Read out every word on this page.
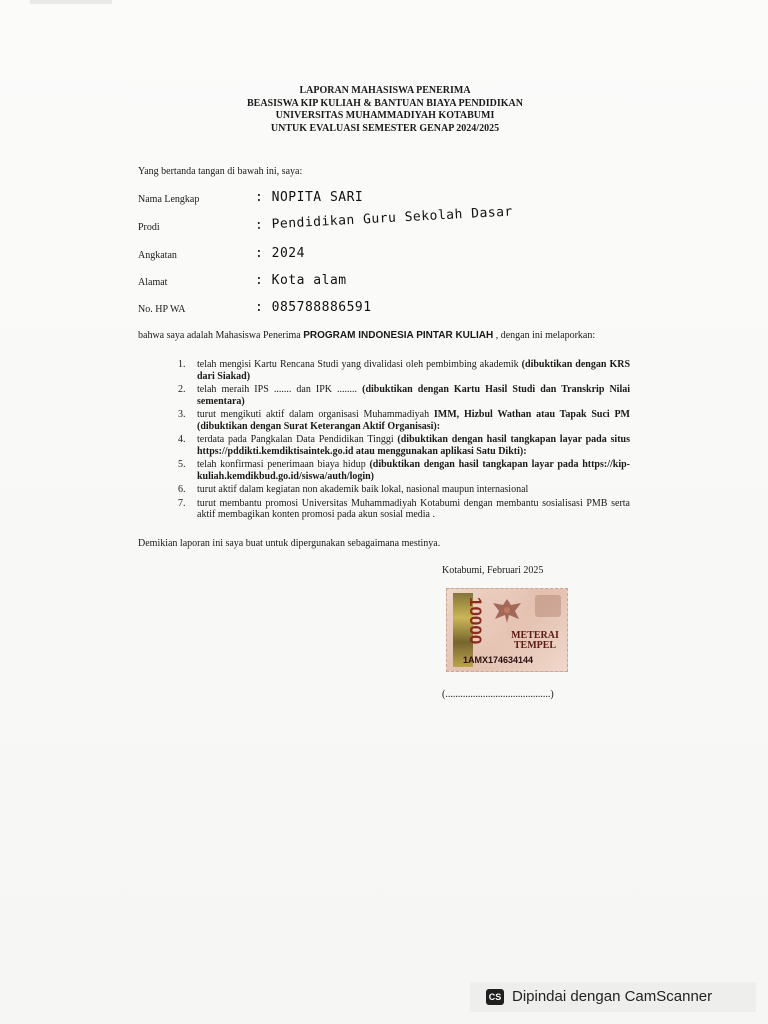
LAPORAN MAHASISWA PENERIMA
BEASISWA KIP KULIAH & BANTUAN BIAYA PENDIDIKAN
UNIVERSITAS MUHAMMADIYAH KOTABUMI
UNTUK EVALUASI SEMESTER GENAP 2024/2025
Yang bertanda tangan di bawah ini, saya:
Nama Lengkap	: NOPITA SARI
Prodi	: Pendidikan Guru Sekolah Dasar
Angkatan	: 2024
Alamat	: Kota alam
No. HP WA	: 085788886591
bahwa saya adalah Mahasiswa Penerima PROGRAM INDONESIA PINTAR KULIAH , dengan ini melaporkan:
1. telah mengisi Kartu Rencana Studi yang divalidasi oleh pembimbing akademik (dibuktikan dengan KRS dari Siakad)
2. telah meraih IPS ....... dan IPK ........ (dibuktikan dengan Kartu Hasil Studi dan Transkrip Nilai sementara)
3. turut mengikuti aktif dalam organisasi Muhammadiyah IMM, Hizbul Wathan atau Tapak Suci PM (dibuktikan dengan Surat Keterangan Aktif Organisasi):
4. terdata pada Pangkalan Data Pendidikan Tinggi (dibuktikan dengan hasil tangkapan layar pada situs https://pddikti.kemdiktisaintek.go.id atau menggunakan aplikasi Satu Dikti):
5. telah konfirmasi penerimaan biaya hidup (dibuktikan dengan hasil tangkapan layar pada https://kip-kuliah.kemdikbud.go.id/siswa/auth/login)
6. turut aktif dalam kegiatan non akademik baik lokal, nasional maupun internasional
7. turut membantu promosi Universitas Muhammadiyah Kotabumi dengan membantu sosialisasi PMB serta aktif membagikan konten promosi pada akun sosial media .
Demikian laporan ini saya buat untuk dipergunakan sebagaimana mestinya.
Kotabumi, Februari 2025
10000	METERAI
TEMPEL
1AMX174634144
(..........................................)
CS Dipindai dengan CamScanner
